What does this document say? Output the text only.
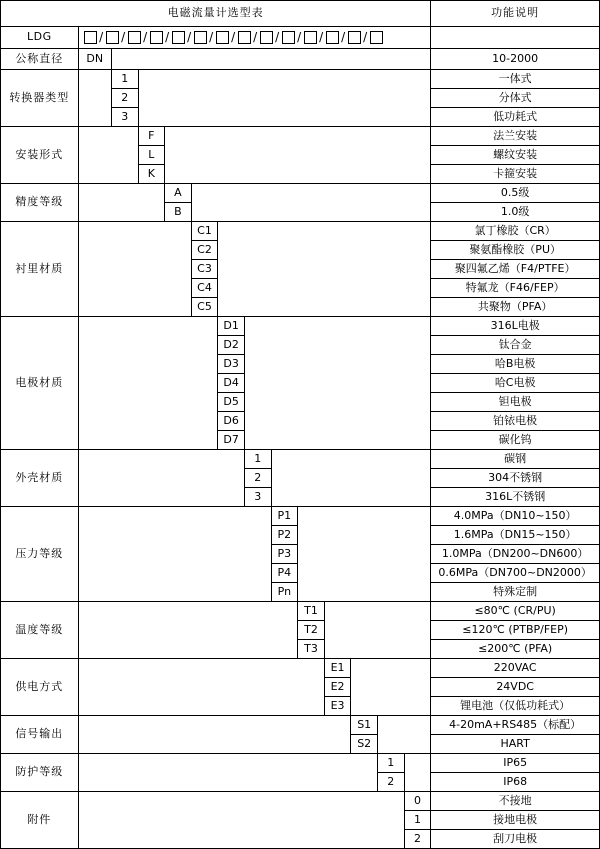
电磁流量计选型表														功能说明
LDG	/ / / / / / / / / / / / /

公称直径	DN													10-2000
转换器类型		1												一体式
		2												分体式
		3												低功耗式
安装形式			F											法兰安装
			L											螺纹安装
			K											卡箍安装
精度等级				A										0.5级
				B										1.0级
衬里材质					C1									氯丁橡胶（CR）
					C2									聚氨酯橡胶（PU）
					C3									聚四氟乙烯（F4/PTFE）
					C4									特氟龙（F46/FEP）
					C5									共聚物（PFA）
电极材质						D1								316L电极
						D2								钛合金
						D3								哈B电极
						D4								哈C电极
						D5								钽电极
						D6								铂铱电极
						D7								碳化钨
外壳材质							1							碳钢
							2							304不锈钢
							3							316L不锈钢
压力等级								P1						4.0MPa（DN10~150）
								P2						1.6MPa（DN15~150）
								P3						1.0MPa（DN200~DN600）
								P4						0.6MPa（DN700~DN2000）
								Pn						特殊定制
温度等级									T1					≤80℃ (CR/PU)
									T2					≤120℃ (PTBP/FEP)
									T3					≤200℃ (PFA)
供电方式										E1				220VAC
										E2				24VDC
										E3				锂电池（仅低功耗式）
信号输出											S1			4-20mA+RS485（标配）
											S2			HART
防护等级												1		IP65
												2		IP68
附件													0	不接地
													1	接地电极
													2	刮刀电极
